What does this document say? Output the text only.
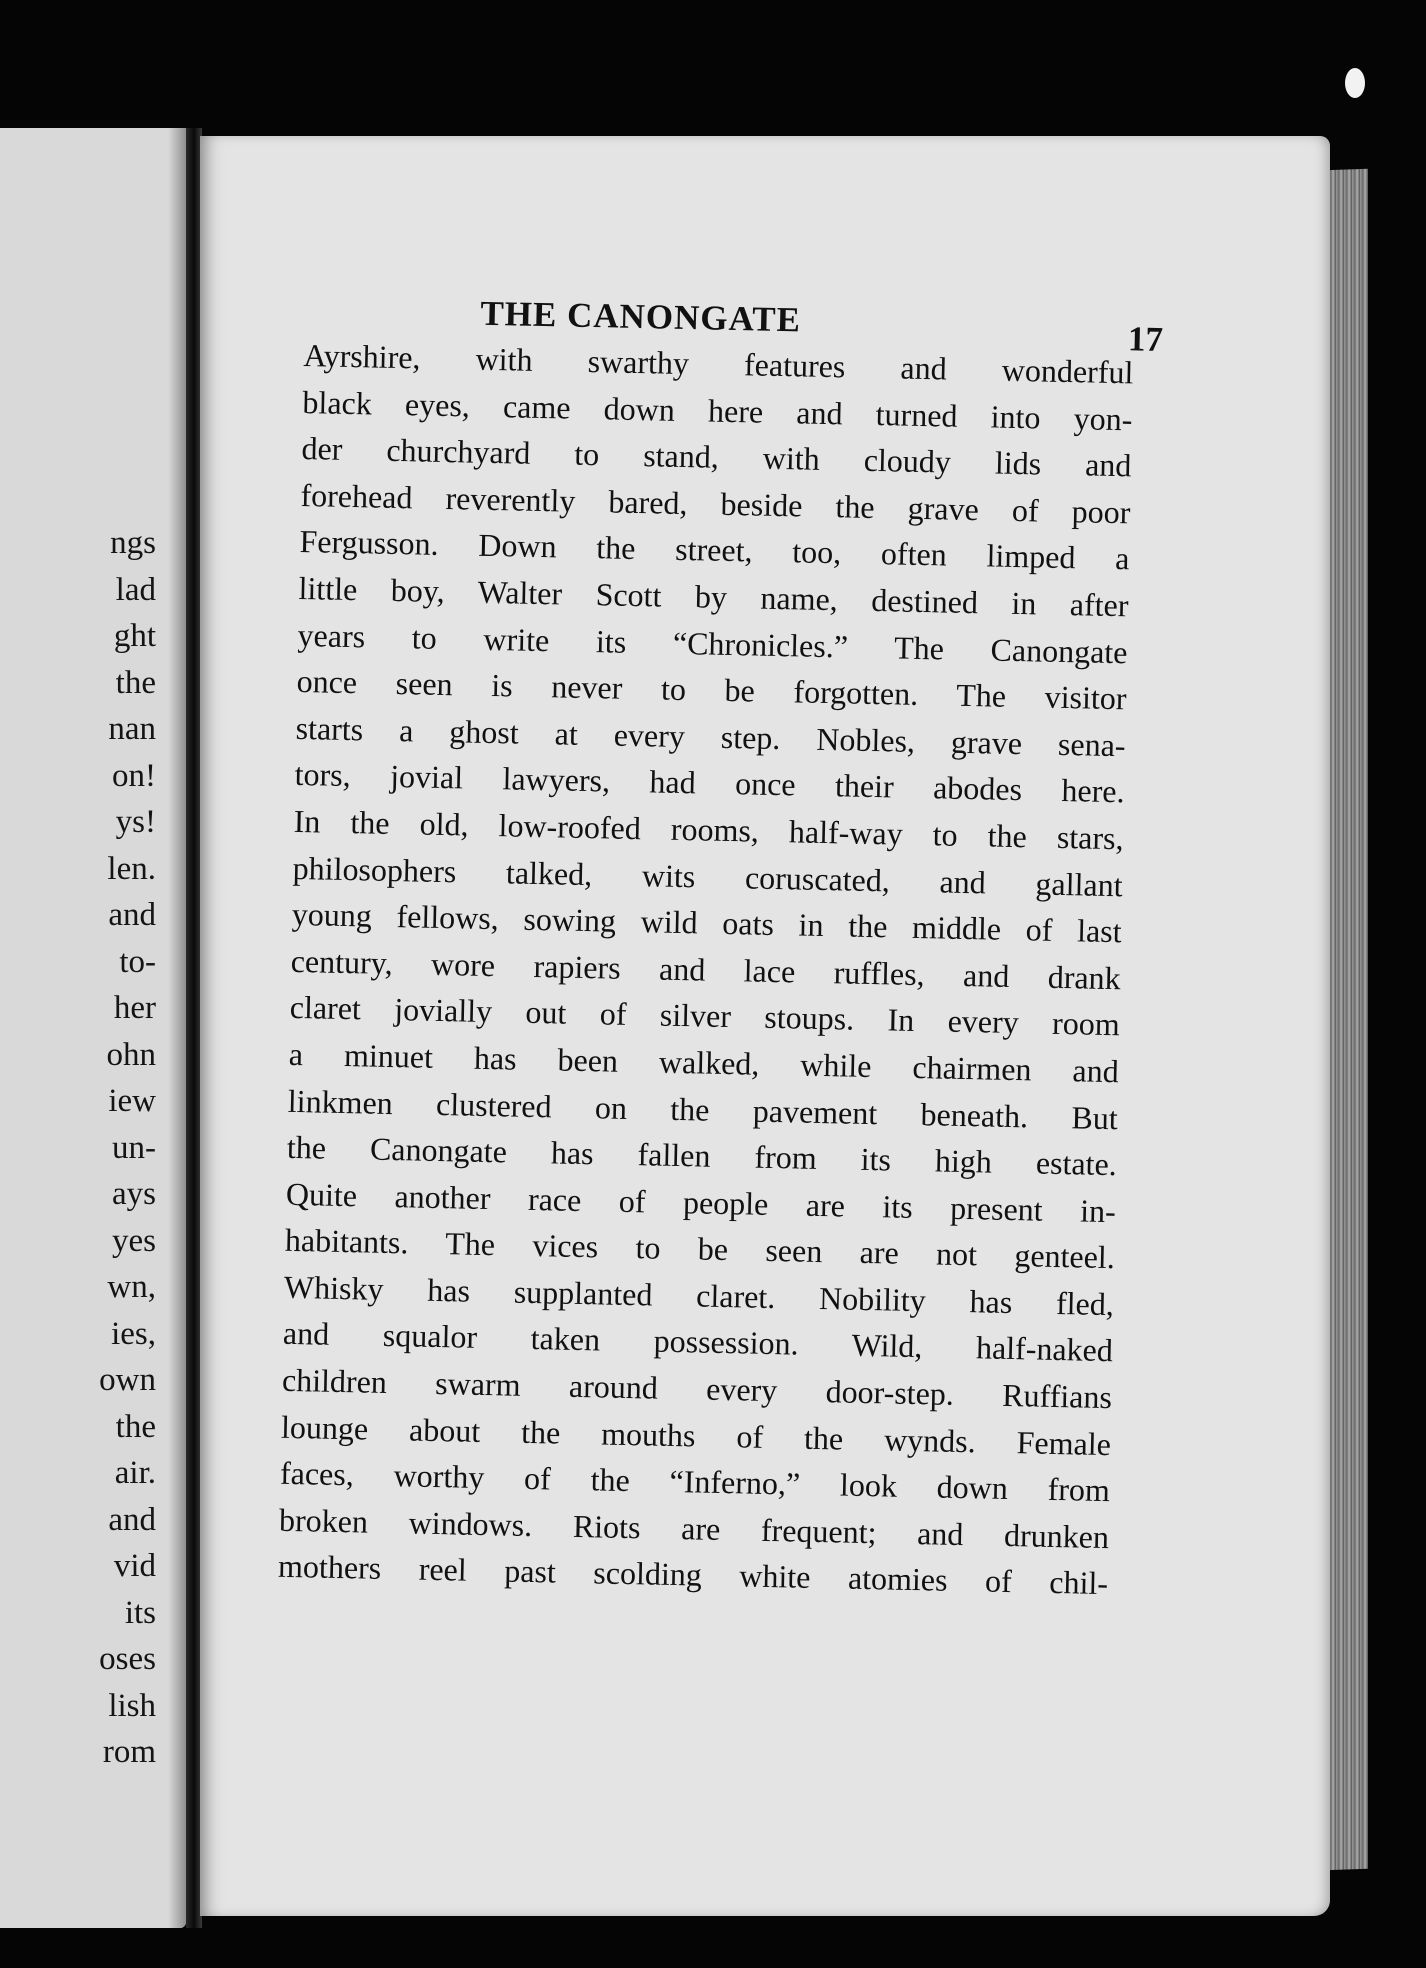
ngs
lad
ght
the
nan
on!
ys!
len.
and
to-
her
ohn
iew
un-
ays
yes
wn,
ies,
own
the
air.
and
vid
its
oses
lish
rom
THE CANONGATE	17
Ayrshire, with swarthy features and wonderful
black eyes, came down here and turned into yon-
der churchyard to stand, with cloudy lids and
forehead reverently bared, beside the grave of poor
Fergusson. Down the street, too, often limped a
little boy, Walter Scott by name, destined in after
years to write its “Chronicles.” The Canongate
once seen is never to be forgotten. The visitor
starts a ghost at every step. Nobles, grave sena-
tors, jovial lawyers, had once their abodes here.
In the old, low-roofed rooms, half-way to the stars,
philosophers talked, wits coruscated, and gallant
young fellows, sowing wild oats in the middle of last
century, wore rapiers and lace ruffles, and drank
claret jovially out of silver stoups. In every room
a minuet has been walked, while chairmen and
linkmen clustered on the pavement beneath. But
the Canongate has fallen from its high estate.
Quite another race of people are its present in-
habitants. The vices to be seen are not genteel.
Whisky has supplanted claret. Nobility has fled,
and squalor taken possession. Wild, half-naked
children swarm around every door-step. Ruffians
lounge about the mouths of the wynds. Female
faces, worthy of the “Inferno,” look down from
broken windows. Riots are frequent; and drunken
mothers reel past scolding white atomies of chil-
